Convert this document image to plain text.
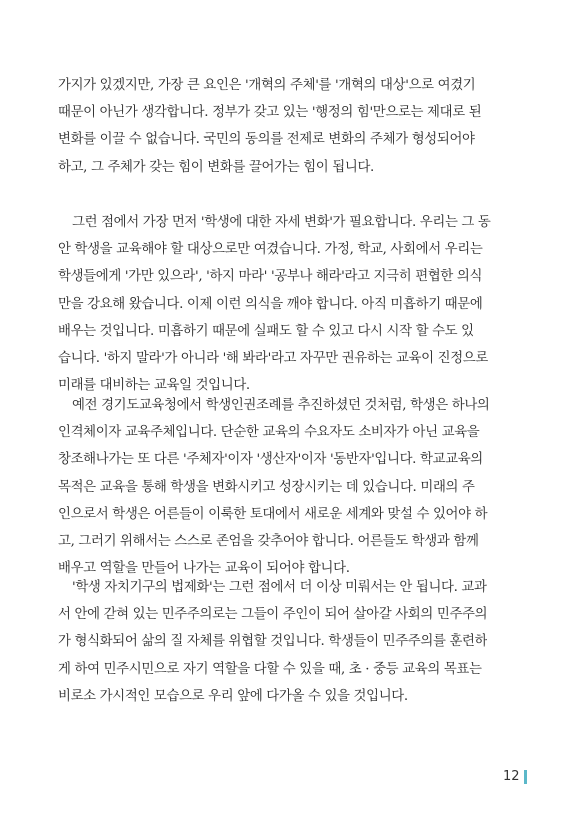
가지가 있겠지만, 가장 큰 요인은 '개혁의 주체'를 '개혁의 대상'으로 여겼기
때문이 아닌가 생각합니다. 정부가 갖고 있는 '행정의 힘'만으로는 제대로 된
변화를 이끌 수 없습니다. 국민의 동의를 전제로 변화의 주체가 형성되어야
하고, 그 주체가 갖는 힘이 변화를 끌어가는 힘이 됩니다.
그런 점에서 가장 먼저 '학생에 대한 자세 변화'가 필요합니다. 우리는 그 동
안 학생을 교육해야 할 대상으로만 여겼습니다. 가정, 학교, 사회에서 우리는
학생들에게 '가만 있으라', '하지 마라' '공부나 해라'라고 지극히 편협한 의식
만을 강요해 왔습니다. 이제 이런 의식을 깨야 합니다. 아직 미흡하기 때문에
배우는 것입니다. 미흡하기 때문에 실패도 할 수 있고 다시 시작 할 수도 있
습니다. '하지 말라'가 아니라 '해 봐라'라고 자꾸만 권유하는 교육이 진정으로
미래를 대비하는 교육일 것입니다.
예전 경기도교육청에서 학생인권조례를 추진하셨던 것처럼, 학생은 하나의
인격체이자 교육주체입니다. 단순한 교육의 수요자도 소비자가 아닌 교육을
창조해나가는 또 다른 '주체자'이자 '생산자'이자 '동반자'입니다. 학교교육의
목적은 교육을 통해 학생을 변화시키고 성장시키는 데 있습니다. 미래의 주
인으로서 학생은 어른들이 이룩한 토대에서 새로운 세계와 맞설 수 있어야 하
고, 그러기 위해서는 스스로 존엄을 갖추어야 합니다. 어른들도 학생과 함께
배우고 역할을 만들어 나가는 교육이 되어야 합니다.
'학생 자치기구의 법제화'는 그런 점에서 더 이상 미뤄서는 안 됩니다. 교과
서 안에 갇혀 있는 민주주의로는 그들이 주인이 되어 살아갈 사회의 민주주의
가 형식화되어 삶의 질 자체를 위협할 것입니다. 학생들이 민주주의를 훈련하
게 하여 민주시민으로 자기 역할을 다할 수 있을 때, 초 · 중등 교육의 목표는
비로소 가시적인 모습으로 우리 앞에 다가올 수 있을 것입니다.
12
